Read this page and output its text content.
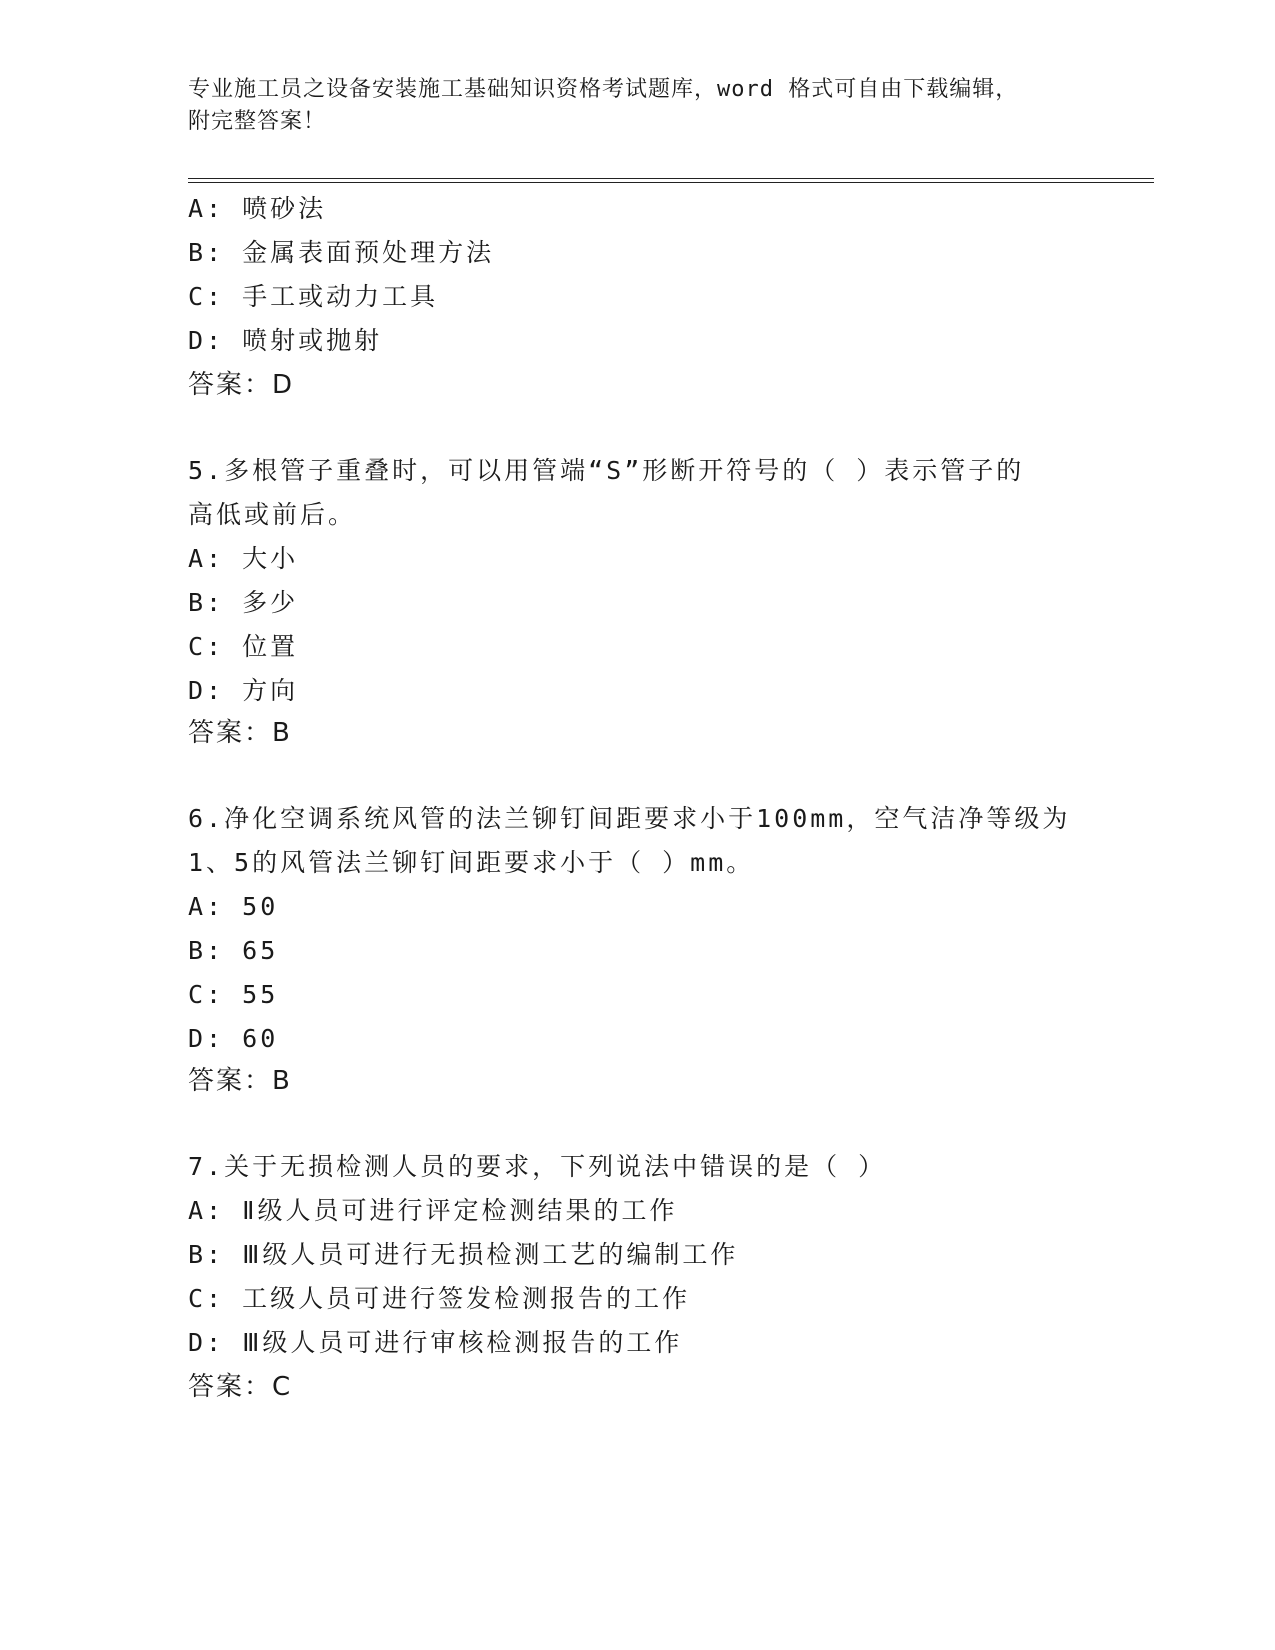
专业施工员之设备安装施工基础知识资格考试题库，word 格式可自由下载编辑，
附完整答案！
A: 喷砂法
B: 金属表面预处理方法
C: 手工或动力工具
D: 喷射或抛射
答案：D
5.多根管子重叠时，可以用管端“S”形断开符号的（ ）表示管子的
高低或前后。
A: 大小
B: 多少
C: 位置
D: 方向
答案：B
6.净化空调系统风管的法兰铆钉间距要求小于100mm，空气洁净等级为
1、5的风管法兰铆钉间距要求小于（ ）mm。
A: 50
B: 65
C: 55
D: 60
答案：B
7.关于无损检测人员的要求，下列说法中错误的是（ ）
A: Ⅱ级人员可进行评定检测结果的工作
B: Ⅲ级人员可进行无损检测工艺的编制工作
C: 工级人员可进行签发检测报告的工作
D: Ⅲ级人员可进行审核检测报告的工作
答案：C
